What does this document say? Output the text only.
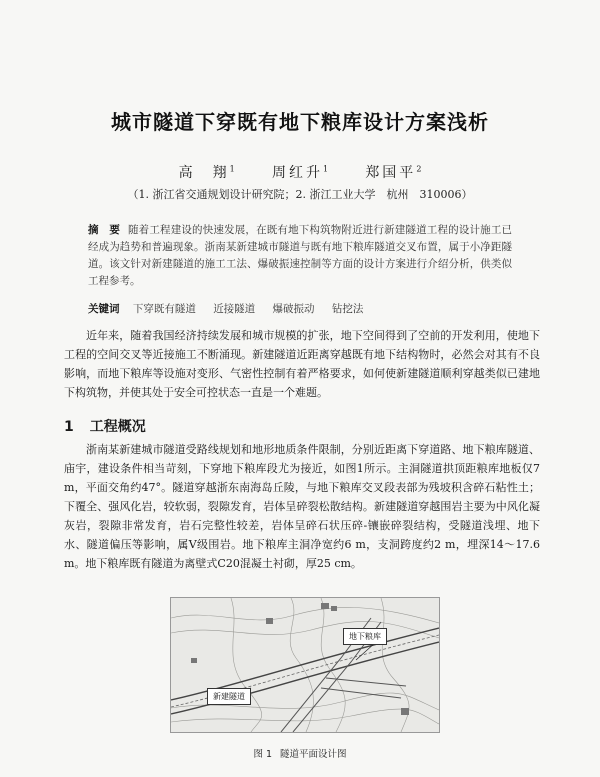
城市隧道下穿既有地下粮库设计方案浅析
高　翔$^1$	周红升$^1$	郑国平$^2$
（1. 浙江省交通规划设计研究院；2. 浙江工业大学　杭州　310006）
摘　要 随着工程建设的快速发展，在既有地下构筑物附近进行新建隧道工程的设计施工已经成为趋势和普遍现象。浙南某新建城市隧道与既有地下粮库隧道交叉布置，属于小净距隧道。该文针对新建隧道的施工工法、爆破振速控制等方面的设计方案进行介绍分析，供类似工程参考。
关键词 下穿既有隧道 近接隧道 爆破振动 钻挖法
近年来，随着我国经济持续发展和城市规模的扩张，地下空间得到了空前的开发利用，使地下工程的空间交叉等近接施工不断涌现。新建隧道近距离穿越既有地下结构物时，必然会对其有不良影响，而地下粮库等设施对变形、气密性控制有着严格要求，如何使新建隧道顺利穿越类似已建地下构筑物，并使其处于安全可控状态一直是一个难题。
1 工程概况
浙南某新建城市隧道受路线规划和地形地质条件限制，分别近距离下穿道路、地下粮库隧道、庙宇，建设条件相当苛刻，下穿地下粮库段尤为接近，如图1所示。主洞隧道拱顶距粮库地板仅7 m，平面交角约47°。隧道穿越浙东南海岛丘陵，与地下粮库交叉段表部为残坡积含碎石粘性土；下覆全、强风化岩，较软弱，裂隙发育，岩体呈碎裂松散结构。新建隧道穿越围岩主要为中风化凝灰岩，裂隙非常发育，岩石完整性较差，岩体呈碎石状压碎-镶嵌碎裂结构，受隧道浅埋、地下水、隧道偏压等影响，属Ⅴ级围岩。地下粮库主洞净宽约6 m，支洞跨度约2 m，埋深14～17.6 m。地下粮库既有隧道为离壁式C20混凝土衬砌，厚25 cm。
地下粮库
新建隧道
图 1 隧道平面设计图
